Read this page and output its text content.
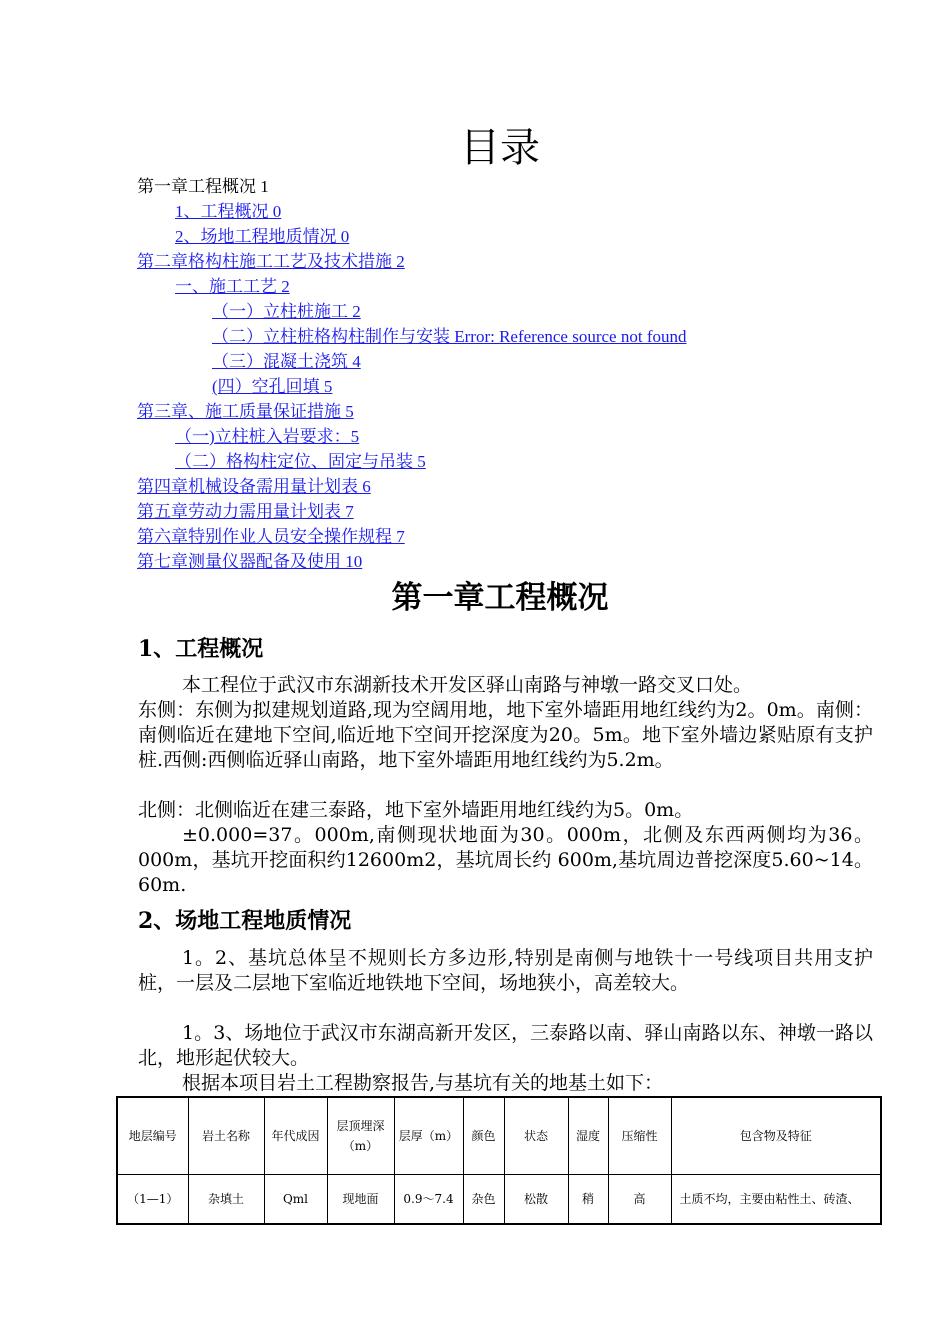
目录
第一章工程概况 1
1、工程概况 0
2、场地工程地质情况 0
第二章格构柱施工工艺及技术措施 2
一、施工工艺 2
（一）立柱桩施工 2
（二）立柱桩格构柱制作与安装 Error: Reference source not found
（三）混凝土浇筑 4
(四）空孔回填 5
第三章、施工质量保证措施 5
（一)立柱桩入岩要求：5
（二）格构柱定位、固定与吊装 5
第四章机械设备需用量计划表 6
第五章劳动力需用量计划表 7
第六章特别作业人员安全操作规程 7
第七章测量仪器配备及使用 10
第一章工程概况
1、工程概况
本工程位于武汉市东湖新技术开发区驿山南路与神墩一路交叉口处。
东侧：东侧为拟建规划道路,现为空阔用地，地下室外墙距用地红线约为2。0m。南侧：南侧临近在建地下空间,临近地下空间开挖深度为20。5m。地下室外墙边紧贴原有支护桩.西侧:西侧临近驿山南路，地下室外墙距用地红线约为5.2m。
北侧：北侧临近在建三泰路，地下室外墙距用地红线约为5。0m。
±0.000=37。000m,南侧现状地面为30。000m，北侧及东西两侧均为36。000m，基坑开挖面积约12600m2，基坑周长约 600m,基坑周边普挖深度5.60~14。60m.
2、场地工程地质情况
1。2、基坑总体呈不规则长方多边形,特别是南侧与地铁十一号线项目共用支护桩，一层及二层地下室临近地铁地下空间，场地狭小，高差较大。
1。3、场地位于武汉市东湖高新开发区，三泰路以南、驿山南路以东、神墩一路以北，地形起伏较大。
根据本项目岩土工程勘察报告,与基坑有关的地基土如下：
地层编号	岩土名称	年代成因	层顶埋深（m）	层厚（m）	颜色	状态	湿度	压缩性	包含物及特征
（1—1）	杂填土	Qml	现地面	0.9～7.4	杂色	松散	稍	高	土质不均，主要由粘性土、砖渣、
